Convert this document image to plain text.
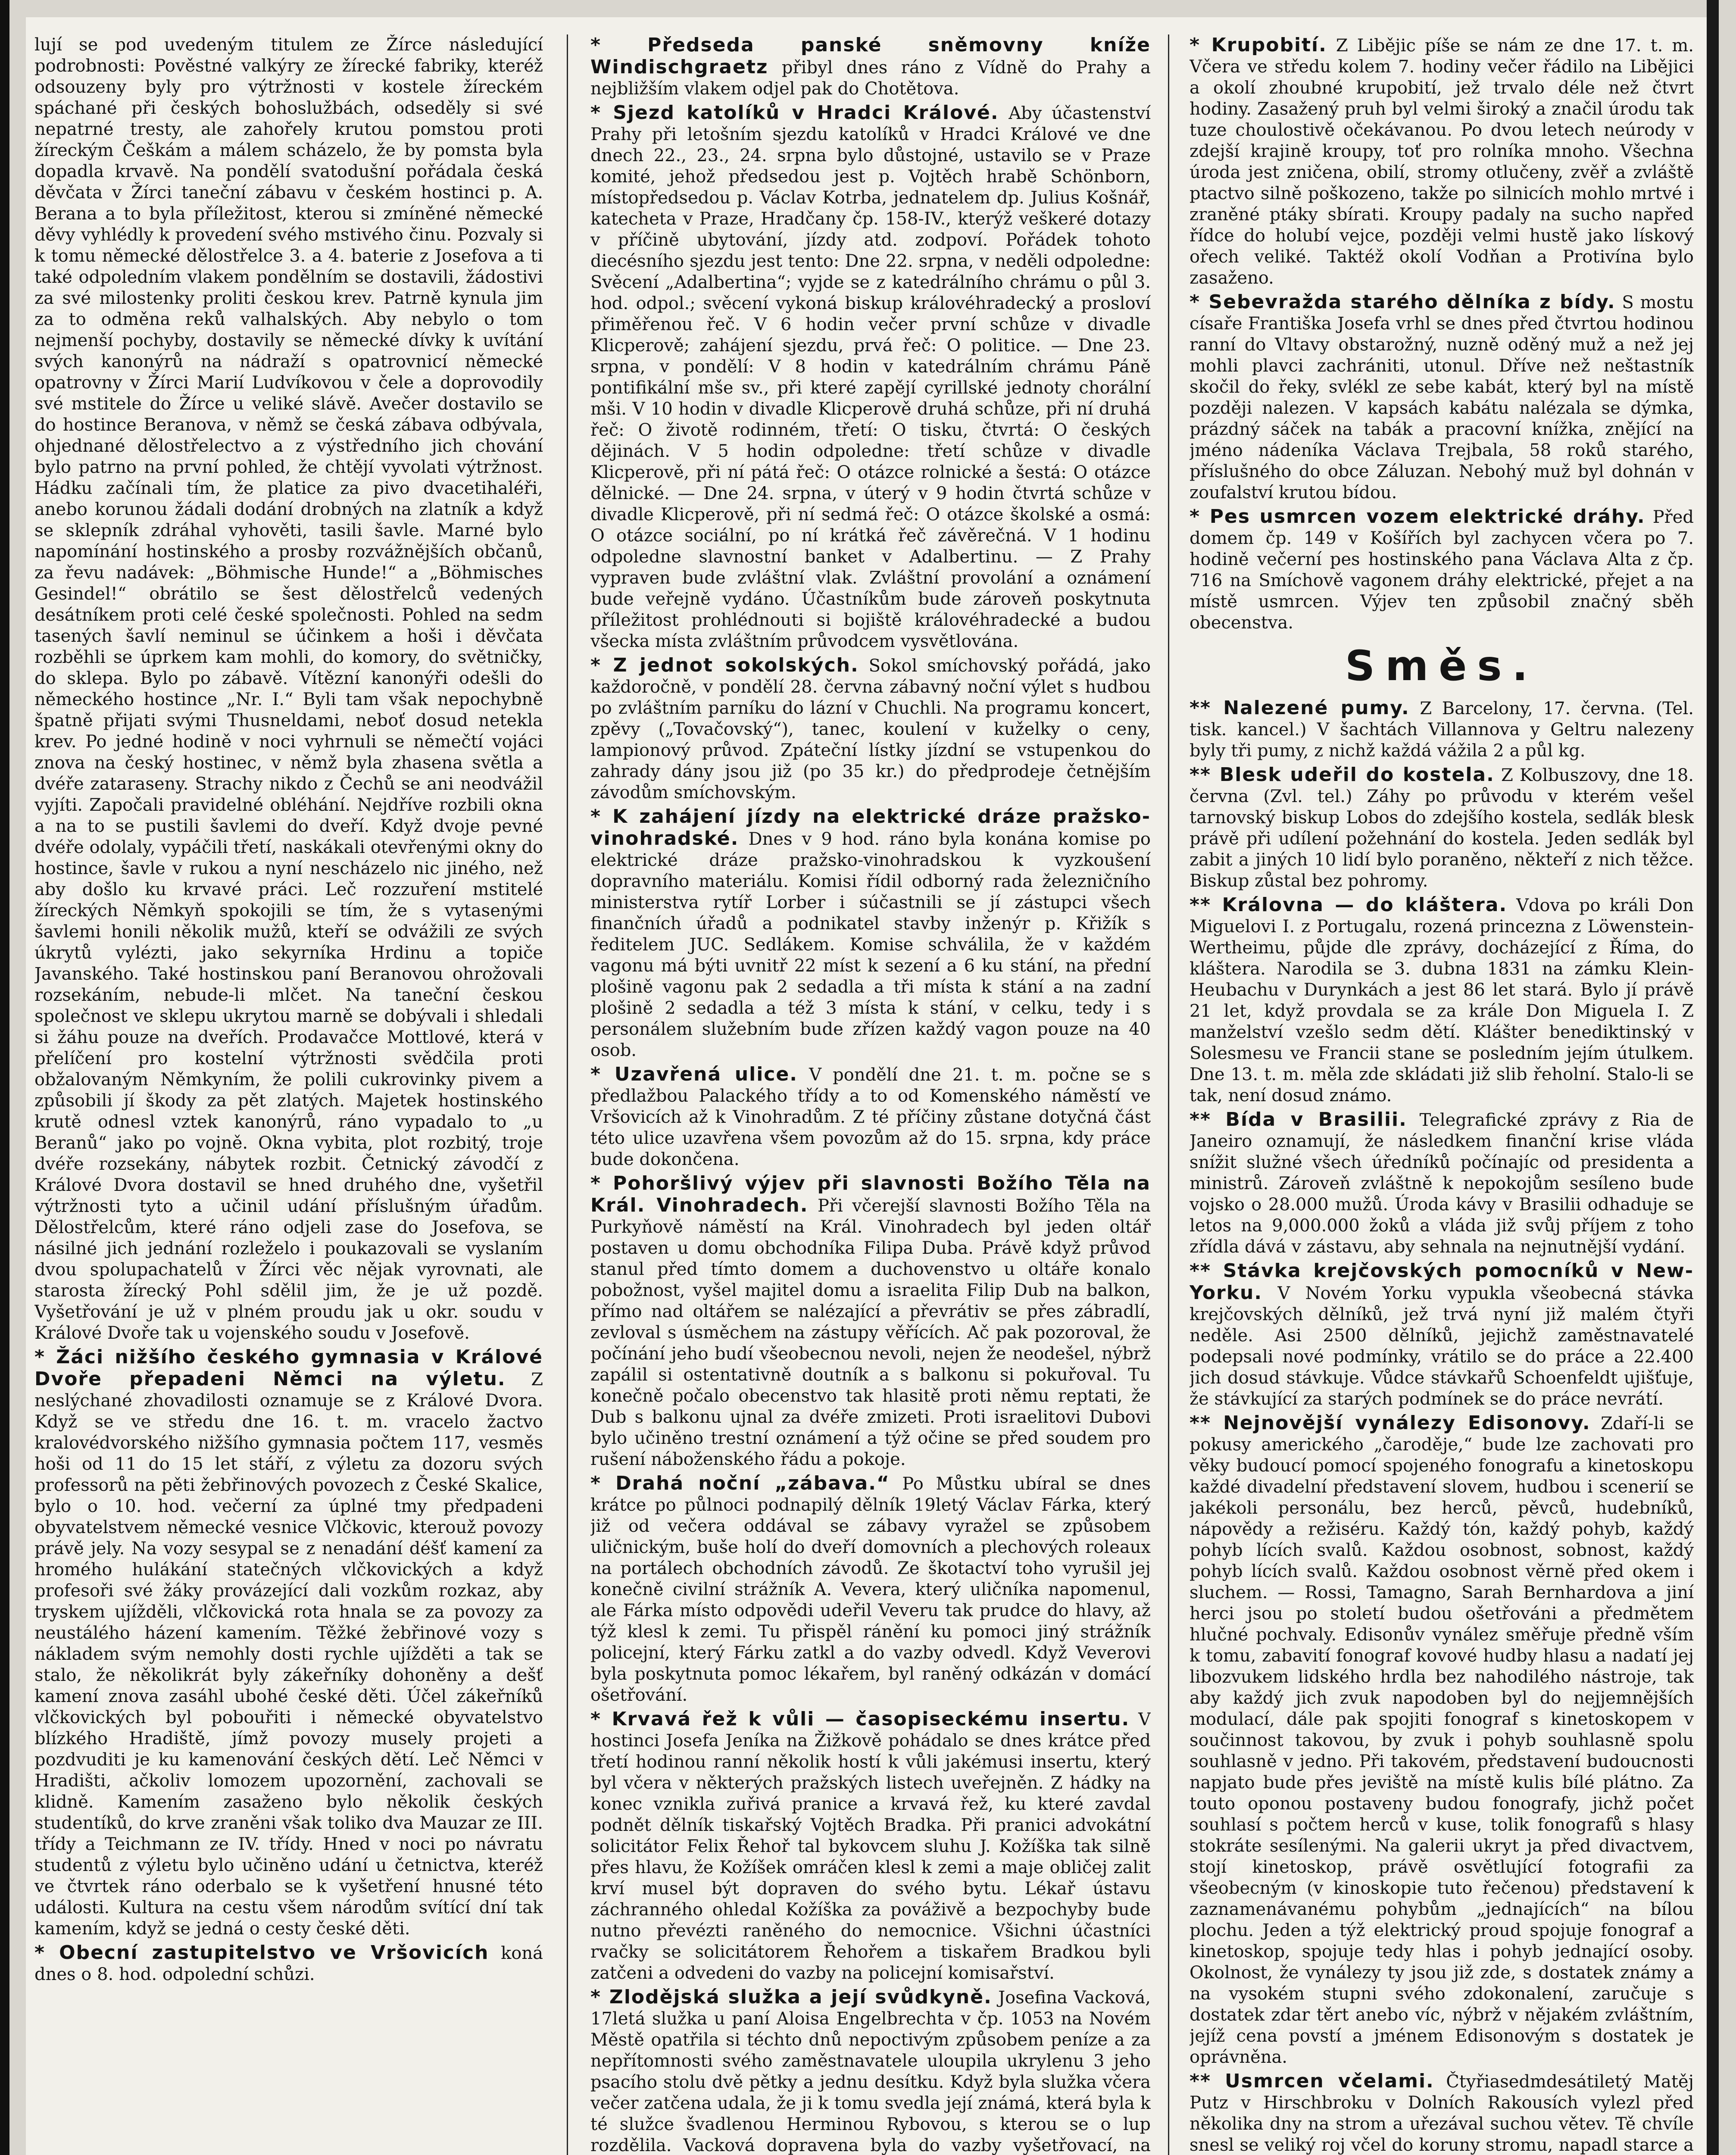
lují se pod uvedeným titulem ze Žírce následující podrobnosti: Pověstné valkýry ze žírecké fabriky, kteréž odsouzeny byly pro výtržnosti v kostele žíreckém spáchané při českých bohoslužbách, odseděly si své nepatrné tresty, ale zahořely krutou pomstou proti žíreckým Češkám a málem scházelo, že by pomsta byla dopadla krvavě. Na pondělí svatodušní pořádala česká děvčata v Žírci taneční zábavu v českém hostinci p. A. Berana a to byla příležitost, kterou si zmíněné německé děvy vyhlédly k provedení svého mstivého činu. Pozvaly si k tomu německé dělostřelce 3. a 4. baterie z Josefova a ti také odpoledním vlakem pondělním se dostavili, žádostivi za své milostenky proliti českou krev. Patrně kynula jim za to odměna reků valhalských. Aby nebylo o tom nejmenší pochyby, dostavily se německé dívky k uvítání svých kanonýrů na nádraží s opatrovnicí německé opatrovny v Žírci Marií Ludvíkovou v čele a doprovodily své mstitele do Žírce u veliké slávě. Avečer dostavilo se do hostince Beranova, v němž se česká zábava odbývala, ohjednané dělostřelectvo a z výstředního jich chování bylo patrno na první pohled, že chtějí vyvolati výtržnost. Hádku začínali tím, že platice za pivo dvacetihaléři, anebo korunou žádali dodání drobných na zlatník a když se sklepník zdráhal vyhověti, tasili šavle. Marné bylo napomínání hostinského a prosby rozvážnějších občanů, za řevu nadávek: „Böhmische Hunde!“ a „Böhmisches Gesindel!“ obrátilo se šest dělostřelců vedených desátníkem proti celé české společnosti. Pohled na sedm tasených šavlí neminul se účinkem a hoši i děvčata rozběhli se úprkem kam mohli, do komory, do světničky, do sklepa. Bylo po zábavě. Vítězní kanonýři odešli do německého hostince „Nr. I.“ Byli tam však nepochybně špatně přijati svými Thusneldami, neboť dosud netekla krev. Po jedné hodině v noci vyhrnuli se němečtí vojáci znova na český hostinec, v němž byla zhasena světla a dvéře zataraseny. Strachy nikdo z Čechů se ani neodvážil vyjíti. Započali pravidelné obléhání. Nejdříve rozbili okna a na to se pustili šavlemi do dveří. Když dvoje pevné dvéře odolaly, vypáčili třetí, naskákali otevřenými okny do hostince, šavle v rukou a nyní nescházelo nic jiného, než aby došlo ku krvavé práci. Leč rozzuření mstitelé žíreckých Němkyň spokojili se tím, že s vytasenými šavlemi honili několik mužů, kteří se odvážili ze svých úkrytů vylézti, jako sekyrníka Hrdinu a topiče Javanského. Také hostinskou paní Beranovou ohrožovali rozsekáním, nebude-li mlčet. Na taneční českou společnost ve sklepu ukrytou marně se dobývali i shledali si žáhu pouze na dveřích. Prodavačce Mottlové, která v přelíčení pro kostelní výtržnosti svědčila proti obžalovaným Němkyním, že polili cukrovinky pivem a způsobili jí škody za pět zlatých. Majetek hostinského krutě odnesl vztek kanonýrů, ráno vypadalo to „u Beranů“ jako po vojně. Okna vybita, plot rozbitý, troje dvéře rozsekány, nábytek rozbit. Četnický závodčí z Králové Dvora dostavil se hned druhého dne, vyšetřil výtržnosti tyto a učinil udání příslušným úřadům. Dělostřelcům, které ráno odjeli zase do Josefova, se násilné jich jednání rozleželo i poukazovali se vyslaním dvou spolupachatelů v Žírci věc nějak vyrovnati, ale starosta žírecký Pohl sdělil jim, že je už pozdě. Vyšetřování je už v plném proudu jak u okr. soudu v Králové Dvoře tak u vojenského soudu v Josefově.

* Žáci nižšího českého gymnasia v Králové Dvoře přepadeni Němci na výletu. Z neslýchané zhovadilosti oznamuje se z Králové Dvora. Když se ve středu dne 16. t. m. vracelo žactvo kralovédvorského nižšího gymnasia počtem 117, vesměs hoši od 11 do 15 let stáří, z výletu za dozoru svých professorů na pěti žebřinových povozech z České Skalice, bylo o 10. hod. večerní za úplné tmy předpadeni obyvatelstvem německé vesnice Vlčkovic, kterouž povozy právě jely. Na vozy sesypal se z nenadání déšť kamení za hromého hulákání statečných vlčkovických a když profesoři své žáky provázející dali vozkům rozkaz, aby tryskem ujížděli, vlčkovická rota hnala se za povozy za neustálého házení kamením. Těžké žebřinové vozy s nákladem svým nemohly dosti rychle ujížděti a tak se stalo, že několikrát byly zákeřníky dohoněny a dešť kamení znova zasáhl ubohé české děti. Účel zákeřníků vlčkovických byl pobouřiti i německé obyvatelstvo blízkého Hradiště, jímž povozy musely projeti a pozdvuditi je ku kamenování českých dětí. Leč Němci v Hradišti, ačkoliv lomozem upozornění, zachovali se klidně. Kamením zasaženo bylo několik českých studentíků, do krve zraněni však toliko dva Mauzar ze III. třídy a Teichmann ze IV. třídy. Hned v noci po návratu studentů z výletu bylo učiněno udání u četnictva, kteréž ve čtvrtek ráno oderbalo se k vyšetření hnusné této události. Kultura na cestu všem národům svítící dní tak kamením, když se jedná o cesty české děti.
* Obecní zastupitelstvo ve Vršovicích koná dnes o 8. hod. odpolední schůzi.
* Předseda panské sněmovny kníže Windischgraetz přibyl dnes ráno z Vídně do Prahy a nejbližším vlakem odjel pak do Chotětova.
* Sjezd katolíků v Hradci Králové. Aby účastenství Prahy při letošním sjezdu katolíků v Hradci Králové ve dne dnech 22., 23., 24. srpna bylo důstojné, ustavilo se v Praze komité, jehož předsedou jest p. Vojtěch hrabě Schönborn, místopředsedou p. Václav Kotrba, jednatelem dp. Julius Košnář, katecheta v Praze, Hradčany čp. 158-IV., kterýž veškeré dotazy v příčině ubytování, jízdy atd. zodpoví. Pořádek tohoto diecésního sjezdu jest tento: Dne 22. srpna, v neděli odpoledne: Svěcení „Adalbertina“; vyjde se z katedrálního chrámu o půl 3. hod. odpol.; svěcení vykoná biskup královéhradecký a prosloví přiměřenou řeč. V 6 hodin večer první schůze v divadle Klicperově; zahájení sjezdu, prvá řeč: O politice. — Dne 23. srpna, v pondělí: V 8 hodin v katedrálním chrámu Páně pontifikální mše sv., při které zapějí cyrillské jednoty chorální mši. V 10 hodin v divadle Klicperově druhá schůze, při ní druhá řeč: O životě rodinném, třetí: O tisku, čtvrtá: O českých dějinách. V 5 hodin odpoledne: třetí schůze v divadle Klicperově, při ní pátá řeč: O otázce rolnické a šestá: O otázce dělnické. — Dne 24. srpna, v úterý v 9 hodin čtvrtá schůze v divadle Klicperově, při ní sedmá řeč: O otázce školské a osmá: O otázce sociální, po ní krátká řeč závěrečná. V 1 hodinu odpoledne slavnostní banket v Adalbertinu. — Z Prahy vypraven bude zvláštní vlak. Zvláštní provolání a oznámení bude veřejně vydáno. Účastníkům bude zároveň poskytnuta příležitost prohlédnouti si bojiště královéhradecké a budou všecka místa zvláštním průvodcem vysvětlována.
* Z jednot sokolských. Sokol smíchovský pořádá, jako každoročně, v pondělí 28. června zábavný noční výlet s hudbou po zvláštním parníku do lázní v Chuchli. Na programu koncert, zpěvy („Tovačovský“), tanec, koulení v kuželky o ceny, lampionový průvod. Zpáteční lístky jízdní se vstupenkou do zahrady dány jsou již (po 35 kr.) do předprodeje četnějším závodům smíchovským.
* K zahájení jízdy na elektrické dráze pražsko-vinohradské. Dnes v 9 hod. ráno byla konána komise po elektrické dráze pražsko-vinohradskou k vyzkoušení dopravního materiálu. Komisi řídil odborný rada železničního ministerstva rytíř Lorber i súčastnili se jí zástupci všech finančních úřadů a podnikatel stavby inženýr p. Křižík s ředitelem JUC. Sedlákem. Komise schválila, že v každém vagonu má býti uvnitř 22 míst k sezení a 6 ku stání, na přední plošině vagonu pak 2 sedadla a tři místa k stání a na zadní plošině 2 sedadla a též 3 místa k stání, v celku, tedy i s personálem služebním bude zřízen každý vagon pouze na 40 osob.
* Uzavřená ulice. V pondělí dne 21. t. m. počne se s předlažbou Palackého třídy a to od Komenského náměstí ve Vršovicích až k Vinohradům. Z té příčiny zůstane dotyčná část této ulice uzavřena všem povozům až do 15. srpna, kdy práce bude dokončena.
* Pohoršlivý výjev při slavnosti Božího Těla na Král. Vinohradech. Při včerejší slavnosti Božího Těla na Purkyňově náměstí na Král. Vinohradech byl jeden oltář postaven u domu obchodníka Filipa Duba. Právě když průvod stanul před tímto domem a duchovenstvo u oltáře konalo pobožnost, vyšel majitel domu a israelita Filip Dub na balkon, přímo nad oltářem se nalézající a převrátiv se přes zábradlí, zevloval s úsměchem na zástupy věřících. Ač pak pozoroval, že počínání jeho budí všeobecnou nevoli, nejen že neodešel, nýbrž zapálil si ostentativně doutník a s balkonu si pokuřoval. Tu konečně počalo obecenstvo tak hlasitě proti němu reptati, že Dub s balkonu ujnal za dvéře zmizeti. Proti israelitovi Dubovi bylo učiněno trestní oznámení a týž očine se před soudem pro rušení náboženského řádu a pokoje.
* Drahá noční „zábava.“ Po Můstku ubíral se dnes krátce po půlnoci podnapilý dělník 19letý Václav Fárka, který již od večera oddával se zábavy vyražel se způsobem uličnickým, buše holí do dveří domovních a plechových roleaux na portálech obchodních závodů. Ze škotactví toho vyrušil jej konečně civilní strážník A. Vevera, který uličníka napomenul, ale Fárka místo odpovědi udeřil Veveru tak prudce do hlavy, až týž klesl k zemi. Tu přispěl ránění ku pomoci jiný strážník policejní, který Fárku zatkl a do vazby odvedl. Když Veverovi byla poskytnuta pomoc lékařem, byl raněný odkázán v domácí ošetřování.
* Krvavá řež k vůli — časopiseckému insertu. V hostinci Josefa Jeníka na Žižkově pohádalo se dnes krátce před třetí hodinou ranní několik hostí k vůli jakémusi insertu, který byl včera v některých pražských listech uveřejněn. Z hádky na konec vznikla zuřivá pranice a krvavá řež, ku které zavdal podnět dělník tiskařský Vojtěch Bradka. Při pranici advokátní solicitátor Felix Řehoř tal bykovcem sluhu J. Kožíška tak silně přes hlavu, že Kožíšek omráčen klesl k zemi a maje obličej zalit krví musel být dopraven do svého bytu. Lékař ústavu záchranného ohledal Kožíška za pováživě a bezpochyby bude nutno převézti raněného do nemocnice. Všichni účastníci rvačky se solicitátorem Řehořem a tiskařem Bradkou byli zatčeni a odvedeni do vazby na policejní komisařství.
* Zlodějská služka a její svůdkyně. Josefina Vacková, 17letá služka u paní Aloisa Engelbrechta v čp. 1053 na Novém Městě opatřila si téchto dnů nepoctivým způsobem peníze a za nepřítomnosti svého zaměstnavatele uloupila ukrylenu 3 jeho psacího stolu dvě pětky a jednu desítku. Když byla služka včera večer zatčena udala, že ji k tomu svedla její známá, která byla k té služce švadlenou Herminou Rybovou, s kterou se o lup rozdělila. Vacková dopravena byla do vazby vyšetřovací, na
* Krupobití. Z Libějic píše se nám ze dne 17. t. m. Včera ve středu kolem 7. hodiny večer řádilo na Libějici a okolí zhoubné krupobití, jež trvalo déle než čtvrt hodiny. Zasažený pruh byl velmi široký a značil úrodu tak tuze choulostivě očekávanou. Po dvou letech neúrody v zdejší krajině kroupy, toť pro rolníka mnoho. Všechna úroda jest zničena, obilí, stromy otlučeny, zvěř a zvláště ptactvo silně poškozeno, takže po silnicích mohlo mrtvé i zraněné ptáky sbírati. Kroupy padaly na sucho napřed řídce do holubí vejce, později velmi hustě jako lískový ořech veliké. Taktéž okolí Vodňan a Protivína bylo zasaženo.
* Sebevražda starého dělníka z bídy. S mostu císaře Františka Josefa vrhl se dnes před čtvrtou hodinou ranní do Vltavy obstarožný, nuzně oděný muž a než jej mohli plavci zachrániti, utonul. Dříve než neštastník skočil do řeky, svlékl ze sebe kabát, který byl na místě později nalezen. V kapsách kabátu nalézala se dýmka, prázdný sáček na tabák a pracovní knížka, znějící na jméno nádeníka Václava Trejbala, 58 roků starého, příslušného do obce Záluzan. Nebohý muž byl dohnán v zoufalství krutou bídou.
* Pes usmrcen vozem elektrické dráhy. Před domem čp. 149 v Košířích byl zachycen včera po 7. hodině večerní pes hostinského pana Václava Alta z čp. 716 na Smíchově vagonem dráhy elektrické, přejet a na místě usmrcen. Výjev ten způsobil značný sběh obecenstva.
Směs.
** Nalezené pumy. Z Barcelony, 17. června. (Tel. tisk. kancel.) V šachtách Villannova y Geltru nalezeny byly tři pumy, z nichž každá vážila 2 a půl kg.
** Blesk udeřil do kostela. Z Kolbuszovy, dne 18. června (Zvl. tel.) Záhy po průvodu v kterém vešel tarnovský biskup Lobos do zdejšího kostela, sedlák blesk právě při udílení požehnání do kostela. Jeden sedlák byl zabit a jiných 10 lidí bylo poraněno, někteří z nich těžce. Biskup zůstal bez pohromy.
** Královna — do kláštera. Vdova po králi Don Miguelovi I. z Portugalu, rozená princezna z Löwenstein-Wertheimu, půjde dle zprávy, docházející z Říma, do kláštera. Narodila se 3. dubna 1831 na zámku Klein-Heubachu v Durynkách a jest 86 let stará. Bylo jí právě 21 let, když provdala se za krále Don Miguela I. Z manželství vzešlo sedm dětí. Klášter benediktinský v Solesmesu ve Francii stane se posledním jejím útulkem. Dne 13. t. m. měla zde skládati již slib řeholní. Stalo-li se tak, není dosud známo.
** Bída v Brasilii. Telegrafické zprávy z Ria de Janeiro oznamují, že následkem finanční krise vláda snížit služné všech úředníků počínajíc od presidenta a ministrů. Zároveň zvláštně k nepokojům sesíleno bude vojsko o 28.000 mužů. Úroda kávy v Brasilii odhaduje se letos na 9,000.000 žoků a vláda již svůj příjem z toho zřídla dává v zástavu, aby sehnala na nejnutnější vydání.
** Stávka krejčovských pomocníků v New-Yorku. V Novém Yorku vypukla všeobecná stávka krejčovských dělníků, jež trvá nyní již malém čtyři neděle. Asi 2500 dělníků, jejichž zaměstnavatelé podepsali nové podmínky, vrátilo se do práce a 22.400 jich dosud stávkuje. Vůdce stávkařů Schoenfeldt ujišťuje, že stávkující za starých podmínek se do práce nevrátí.
** Nejnovější vynálezy Edisonovy. Zdaří-li se pokusy amerického „čaroděje,“ bude lze zachovati pro věky budoucí pomocí spojeného fonografu a kinetoskopu každé divadelní představení slovem, hudbou i scenerií se jakékoli personálu, bez herců, pěvců, hudebníků, nápovědy a režiséru. Každý tón, každý pohyb, každý pohyb lících svalů. Každou osobnost, sobnost, každý pohyb lících svalů. Každou osobnost věrně před okem i sluchem. — Rossi, Tamagno, Sarah Bernhardova a jiní herci jsou po století budou ošetřováni a předmětem hlučné pochvaly. Edisonův vynález směřuje předně vším k tomu, zabavití fonograf kovové hudby hlasu a nadatí jej libozvukem lidského hrdla bez nahodilého nástroje, tak aby každý jich zvuk napodoben byl do nejjemnějších modulací, dále pak spojiti fonograf s kinetoskopem v součinnost takovou, by zvuk i pohyb souhlasně spolu souhlasně v jedno. Při takovém, představení budoucnosti napjato bude přes jeviště na místě kulis bílé plátno. Za touto oponou postaveny budou fonografy, jichž počet souhlasí s počtem herců v kuse, tolik fonografů s hlasy stokráte sesílenými. Na galerii ukryt ja před divactvem, stojí kinetoskop, právě osvětlující fotografii za všeobecným (v kinoskopie tuto řečenou) představení k zaznamenávanému pohybům „jednajících“ na bílou plochu. Jeden a týž elektrický proud spojuje fonograf a kinetoskop, spojuje tedy hlas i pohyb jednající osoby. Okolnost, že vynálezy ty jsou již zde, s dostatek známy a na vysokém stupni svého zdokonalení, zaručuje s dostatek zdar těrt anebo víc, nýbrž v nějakém zvláštním, jejíž cena povstí a jménem Edisonovým s dostatek je oprávněna.
** Usmrcen včelami. Čtyřiasedmdesátiletý Matěj Putz v Hirschbroku v Dolních Rakousích vylezl před několika dny na strom a uřezával suchou větev. Tě chvíle snesl se veliký roj včel do koruny stromu, napadl starce a
